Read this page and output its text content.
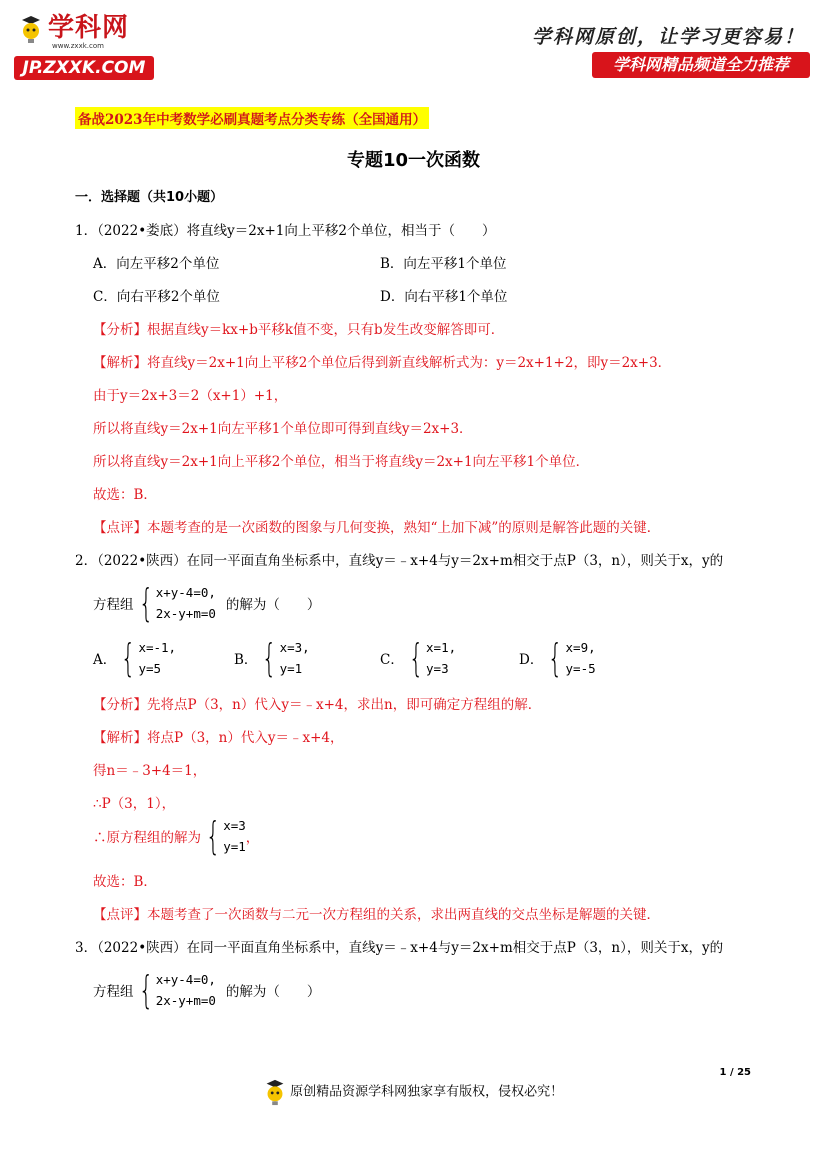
学科网
www.zxxk.com
JP.ZXXK.COM
学科网原创，让学习更容易！
学科网精品频道全力推荐
备战2023年中考数学必刷真题考点分类专练（全国通用）
专题10一次函数
一．选择题（共10小题）
1．（2022•娄底）将直线y＝2x+1向上平移2个单位，相当于（　　）
A．向左平移2个单位	B．向左平移1个单位
C．向右平移2个单位	D．向右平移1个单位
【分析】根据直线y＝kx+b平移k值不变，只有b发生改变解答即可．
【解析】将直线y＝2x+1向上平移2个单位后得到新直线解析式为：y＝2x+1+2，即y＝2x+3．
由于y＝2x+3＝2（x+1）+1，
所以将直线y＝2x+1向左平移1个单位即可得到直线y＝2x+3．
所以将直线y＝2x+1向上平移2个单位，相当于将直线y＝2x+1向左平移1个单位．
故选：B．
【点评】本题考查的是一次函数的图象与几何变换，熟知“上加下减”的原则是解答此题的关键．
2．（2022•陕西）在同一平面直角坐标系中，直线y＝﹣x+4与y＝2x+m相交于点P（3，n），则关于x，y的
方程组 { x+y-4=0,
2x-y+m=0
的解为（　　）
A． { x=-1,
y=5
B． { x=3,
y=1
C． { x=1,
y=3
D． { x=9,
y=-5
【分析】先将点P（3，n）代入y＝﹣x+4，求出n，即可确定方程组的解．
【解析】将点P（3，n）代入y＝﹣x+4，
得n＝﹣3+4＝1，
∴P（3，1），
∴原方程组的解为 { x=3
y=1
，
故选：B．
【点评】本题考查了一次函数与二元一次方程组的关系，求出两直线的交点坐标是解题的关键．
3．（2022•陕西）在同一平面直角坐标系中，直线y＝﹣x+4与y＝2x+m相交于点P（3，n），则关于x，y的
方程组 { x+y-4=0,
2x-y+m=0
的解为（　　）
1 / 25
原创精品资源学科网独家享有版权，侵权必究！
